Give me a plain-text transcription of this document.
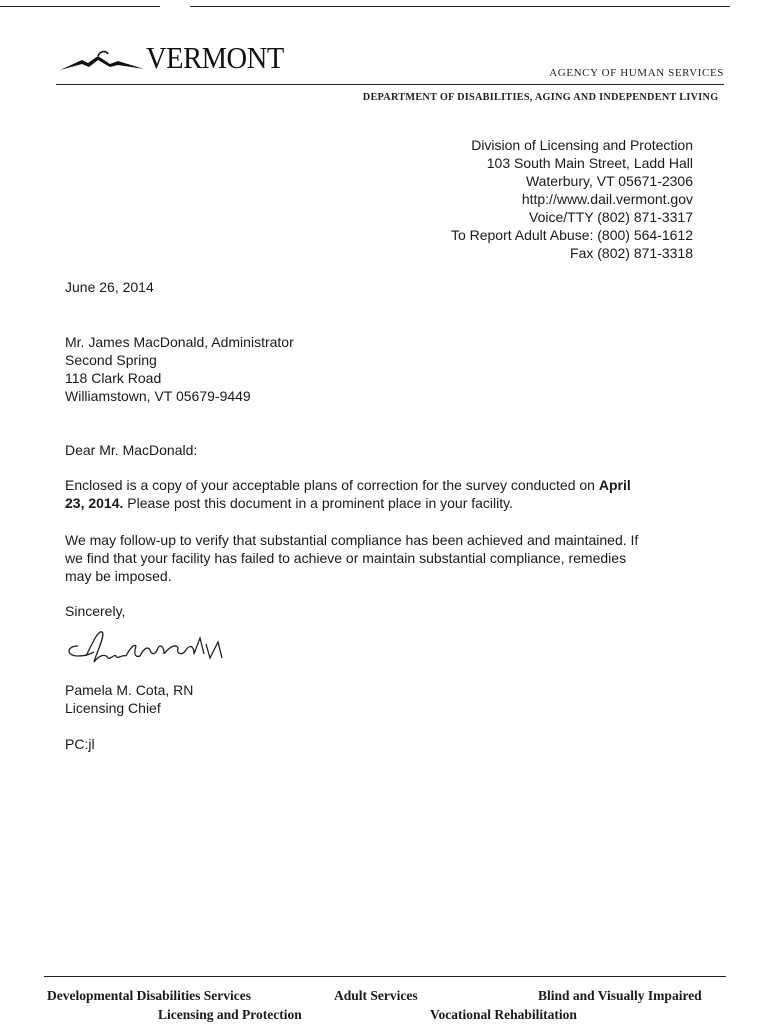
VERMONT	AGENCY OF HUMAN SERVICES
DEPARTMENT OF DISABILITIES, AGING AND INDEPENDENT LIVING
Division of Licensing and Protection
103 South Main Street, Ladd Hall
Waterbury, VT 05671-2306
http://www.dail.vermont.gov
Voice/TTY (802) 871-3317
To Report Adult Abuse: (800) 564-1612
Fax (802) 871-3318
June 26, 2014
Mr. James MacDonald, Administrator
Second Spring
118 Clark Road
Williamstown, VT 05679-9449
Dear Mr. MacDonald:
Enclosed is a copy of your acceptable plans of correction for the survey conducted on April
23, 2014. Please post this document in a prominent place in your facility.
We may follow-up to verify that substantial compliance has been achieved and maintained. If
we find that your facility has failed to achieve or maintain substantial compliance, remedies
may be imposed.
Sincerely,
Pamela M. Cota, RN
Licensing Chief
PC:jl
Developmental Disabilities Services	Adult Services	Blind and Visually Impaired
Licensing and Protection	Vocational Rehabilitation
